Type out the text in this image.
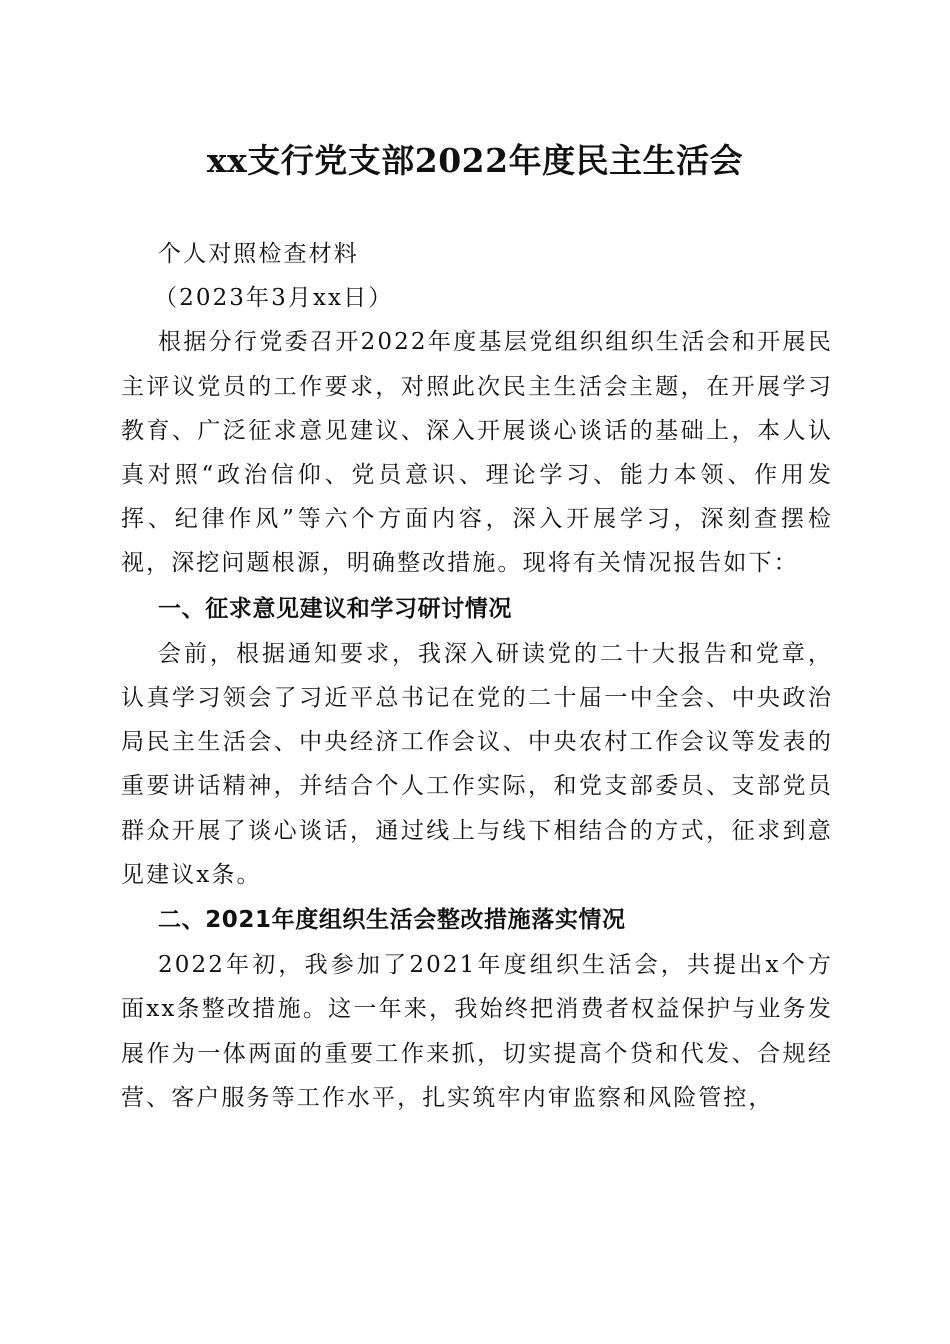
xx支行党支部2022年度民主生活会

个人对照检查材料

（2023年3月xx日）

根据分行党委召开2022年度基层党组织组织生活会和开展民主评议党员的工作要求，对照此次民主生活会主题，在开展学习教育、广泛征求意见建议、深入开展谈心谈话的基础上，本人认真对照“政治信仰、党员意识、理论学习、能力本领、作用发挥、纪律作风”等六个方面内容，深入开展学习，深刻查摆检视，深挖问题根源，明确整改措施。现将有关情况报告如下：

一、征求意见建议和学习研讨情况

会前，根据通知要求，我深入研读党的二十大报告和党章，认真学习领会了习近平总书记在党的二十届一中全会、中央政治局民主生活会、中央经济工作会议、中央农村工作会议等发表的重要讲话精神，并结合个人工作实际，和党支部委员、支部党员群众开展了谈心谈话，通过线上与线下相结合的方式，征求到意见建议x条。

二、2021年度组织生活会整改措施落实情况

2022年初，我参加了2021年度组织生活会，共提出x个方面xx条整改措施。这一年来，我始终把消费者权益保护与业务发展作为一体两面的重要工作来抓，切实提高个贷和代发、合规经营、客户服务等工作水平，扎实筑牢内审监察和风险管控，
